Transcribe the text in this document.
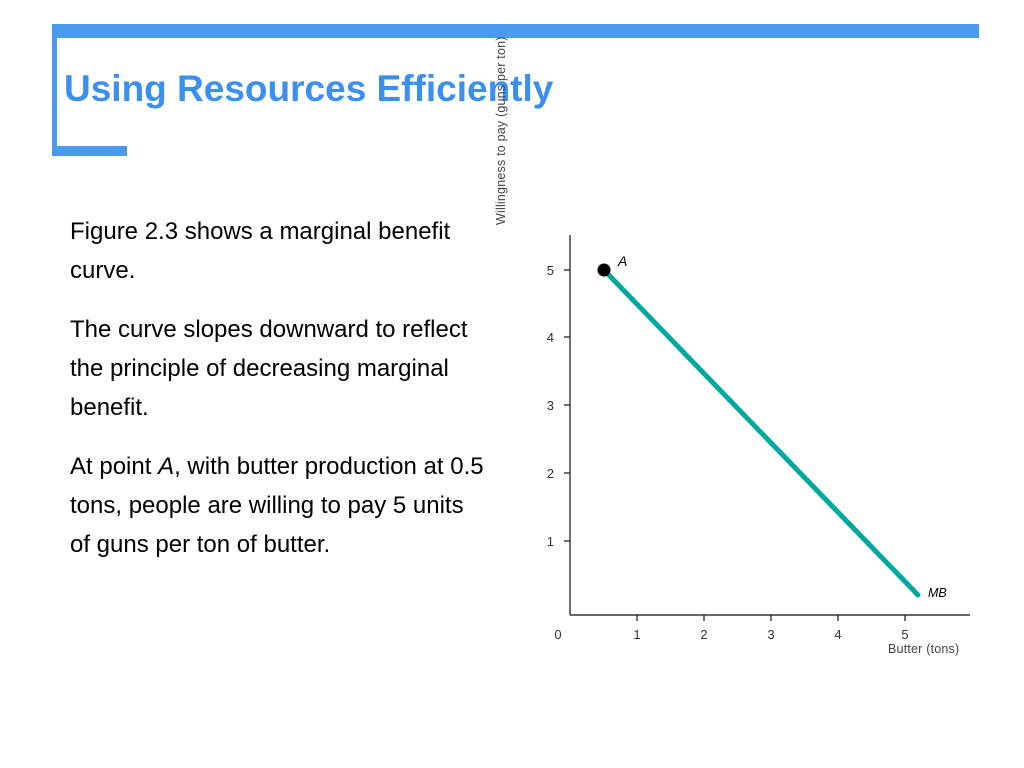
Using Resources Efficiently

Figure 2.3 shows a marginal benefit curve.

The curve slopes downward to reflect the principle of decreasing marginal benefit.

At point A, with butter production at 0.5 tons, people are willing to pay 5 units of guns per ton of butter.

Willingness to pay (guns per ton)
Butter (tons)
5
4
3
2
1
0	1	2	3	4	5
MB
A
